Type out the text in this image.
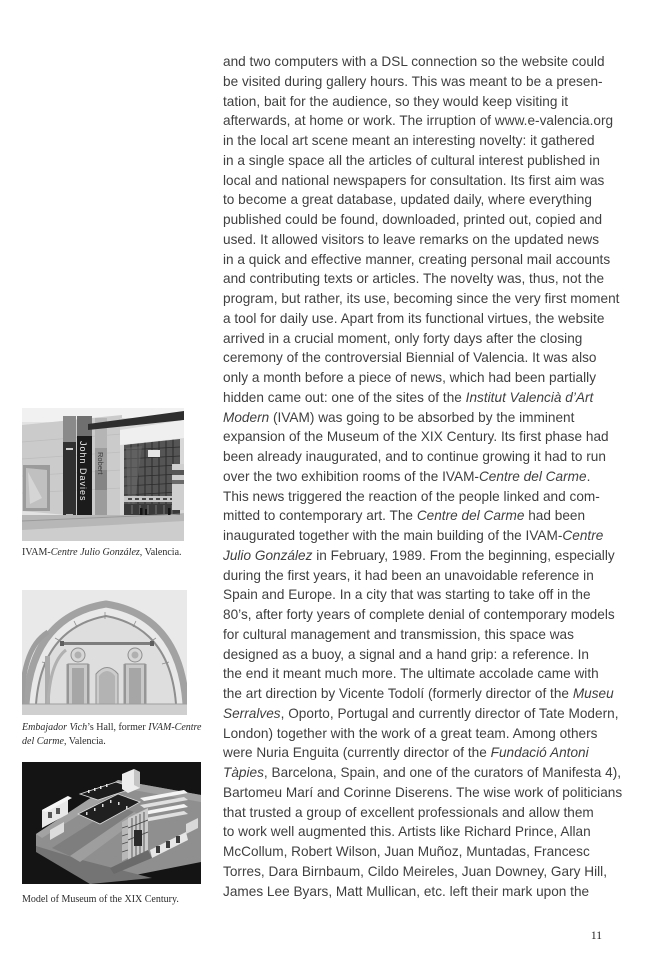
and two computers with a DSL connection so the website could
be visited during gallery hours. This was meant to be a presen-
tation, bait for the audience, so they would keep visiting it
afterwards, at home or work. The irruption of www.e-valencia.org
in the local art scene meant an interesting novelty: it gathered
in a single space all the articles of cultural interest published in
local and national newspapers for consultation. Its first aim was
to become a great database, updated daily, where everything
published could be found, downloaded, printed out, copied and
used. It allowed visitors to leave remarks on the updated news
in a quick and effective manner, creating personal mail accounts
and contributing texts or articles. The novelty was, thus, not the
program, but rather, its use, becoming since the very first moment
a tool for daily use. Apart from its functional virtues, the website
arrived in a crucial moment, only forty days after the closing
ceremony of the controversial Biennial of Valencia. It was also
only a month before a piece of news, which had been partially
hidden came out: one of the sites of the Institut Valencià d’Art
Modern (IVAM) was going to be absorbed by the imminent
expansion of the Museum of the XIX Century. Its first phase had
been already inaugurated, and to continue growing it had to run
over the two exhibition rooms of the IVAM-Centre del Carme.
This news triggered the reaction of the people linked and com-
mitted to contemporary art. The Centre del Carme had been
inaugurated together with the main building of the IVAM-Centre
Julio González in February, 1989. From the beginning, especially
during the first years, it had been an unavoidable reference in
Spain and Europe. In a city that was starting to take off in the
80’s, after forty years of complete denial of contemporary models
for cultural management and transmission, this space was
designed as a buoy, a signal and a hand grip: a reference. In
the end it meant much more. The ultimate accolade came with
the art direction by Vicente Todolí (formerly director of the Museu
Serralves, Oporto, Portugal and currently director of Tate Modern,
London) together with the work of a great team. Among others
were Nuria Enguita (currently director of the Fundació Antoni
Tàpies, Barcelona, Spain, and one of the curators of Manifesta 4),
Bartomeu Marí and Corinne Diserens. The wise work of politicians
that trusted a group of excellent professionals and allow them
to work well augmented this. Artists like Richard Prince, Allan
McCollum, Robert Wilson, Juan Muñoz, Muntadas, Francesc
Torres, Dara Birnbaum, Cildo Meireles, Juan Downey, Gary Hill,
James Lee Byars, Matt Mullican, etc. left their mark upon the
John Davies Robert
IVAM-Centre Julio González, Valencia.
Embajador Vich’s Hall, former IVAM-Centre
del Carme, Valencia.
Model of Museum of the XIX Century.
11
